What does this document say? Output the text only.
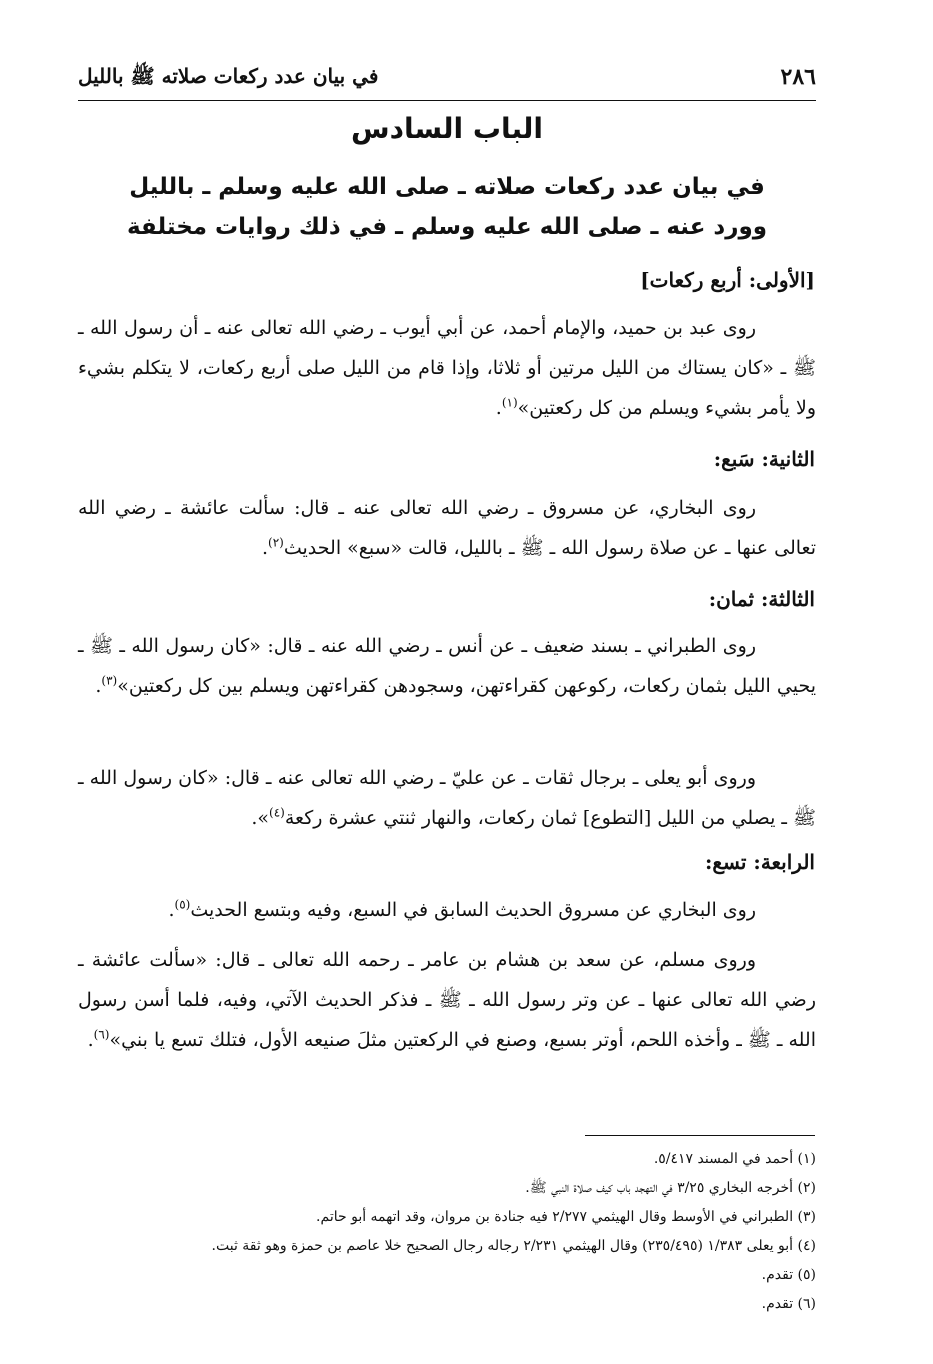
٢٨٦
في بيان عدد ركعات صلاته ﷺ بالليل
الباب السادس
في بيان عدد ركعات صلاته ـ صلى الله عليه وسلم ـ بالليل
وورد عنه ـ صلى الله عليه وسلم ـ في ذلك روايات مختلفة
[الأولى: أربع ركعات]
روى عبد بن حميد، والإمام أحمد، عن أبي أيوب ـ رضي الله تعالى عنه ـ أن رسول الله ـ ﷺ ـ «كان يستاك من الليل مرتين أو ثلاثا، وإذا قام من الليل صلى أربع ركعات، لا يتكلم بشيء ولا يأمر بشيء ويسلم من كل ركعتين»$^{(١)}$.
الثانية: سَبع:
روى البخاري، عن مسروق ـ رضي الله تعالى عنه ـ قال: سألت عائشة ـ رضي الله تعالى عنها ـ عن صلاة رسول الله ـ ﷺ ـ بالليل، قالت «سبع» الحديث$^{(٢)}$.
الثالثة: ثمان:
روى الطبراني ـ بسند ضعيف ـ عن أنس ـ رضي الله عنه ـ قال: «كان رسول الله ـ ﷺ ـ يحيي الليل بثمان ركعات، ركوعهن كقراءتهن، وسجودهن كقراءتهن ويسلم بين كل ركعتين»$^{(٣)}$.
وروى أبو يعلى ـ برجال ثقات ـ عن عليّ ـ رضي الله تعالى عنه ـ قال: «كان رسول الله ـ ﷺ ـ يصلي من الليل [التطوع] ثمان ركعات، والنهار ثنتي عشرة ركعة$^{(٤)}$».
الرابعة: تسع:
روى البخاري عن مسروق الحديث السابق في السبع، وفيه وبتسع الحديث$^{(٥)}$.
وروى مسلم، عن سعد بن هشام بن عامر ـ رحمه الله تعالى ـ قال: «سألت عائشة ـ رضي الله تعالى عنها ـ عن وتر رسول الله ـ ﷺ ـ فذكر الحديث الآتي، وفيه، فلما أسن رسول الله ـ ﷺ ـ وأخذه اللحم، أوتر بسبع، وصنع في الركعتين مثلَ صنيعه الأول، فتلك تسع يا بني»$^{(٦)}$.
(١) أحمد في المسند ٥/٤١٧.
(٢) أخرجه البخاري ٣/٢٥ في التهجد باب كيف صلاة النبي ﷺ.
(٣) الطبراني في الأوسط وقال الهيثمي ٢/٢٧٧ فيه جنادة بن مروان، وقد اتهمه أبو حاتم.
(٤) أبو يعلى ١/٣٨٣ (٢٣٥/٤٩٥) وقال الهيثمي ٢/٢٣١ رجاله رجال الصحيح خلا عاصم بن حمزة وهو ثقة ثبت.
(٥) تقدم.
(٦) تقدم.
